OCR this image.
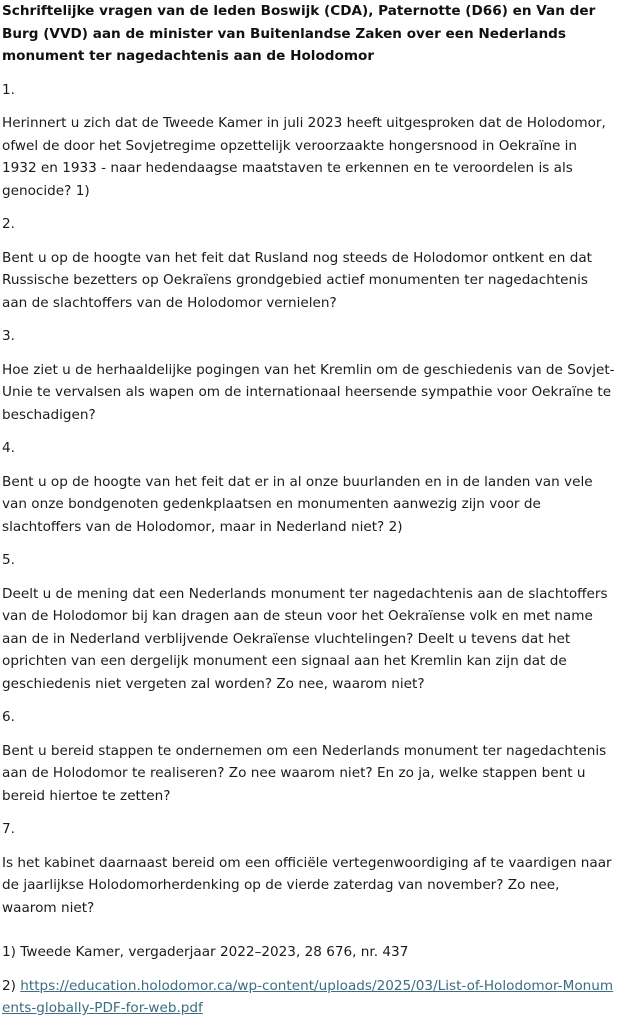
Schriftelijke vragen van de leden Boswijk (CDA), Paternotte (D66) en Van der Burg (VVD) aan de minister van Buitenlandse Zaken over een Nederlands monument ter nagedachtenis aan de Holodomor
1.
Herinnert u zich dat de Tweede Kamer in juli 2023 heeft uitgesproken dat de Holodomor, ofwel de door het Sovjetregime opzettelijk veroorzaakte hongersnood in Oekraïne in 1932 en 1933 - naar hedendaagse maatstaven te erkennen en te veroordelen is als genocide? 1)
2.
Bent u op de hoogte van het feit dat Rusland nog steeds de Holodomor ontkent en dat Russische bezetters op Oekraïens grondgebied actief monumenten ter nagedachtenis aan de slachtoffers van de Holodomor vernielen?
3.
Hoe ziet u de herhaaldelijke pogingen van het Kremlin om de geschiedenis van de Sovjet-Unie te vervalsen als wapen om de internationaal heersende sympathie voor Oekraïne te beschadigen?
4.
Bent u op de hoogte van het feit dat er in al onze buurlanden en in de landen van vele van onze bondgenoten gedenkplaatsen en monumenten aanwezig zijn voor de slachtoffers van de Holodomor, maar in Nederland niet? 2)
5.
Deelt u de mening dat een Nederlands monument ter nagedachtenis aan de slachtoffers van de Holodomor bij kan dragen aan de steun voor het Oekraïense volk en met name aan de in Nederland verblijvende Oekraïense vluchtelingen? Deelt u tevens dat het oprichten van een dergelijk monument een signaal aan het Kremlin kan zijn dat de geschiedenis niet vergeten zal worden? Zo nee, waarom niet?
6.
Bent u bereid stappen te ondernemen om een Nederlands monument ter nagedachtenis aan de Holodomor te realiseren? Zo nee waarom niet? En zo ja, welke stappen bent u bereid hiertoe te zetten?
7.
Is het kabinet daarnaast bereid om een officiële vertegenwoordiging af te vaardigen naar de jaarlijkse Holodomorherdenking op de vierde zaterdag van november? Zo nee, waarom niet?
1) Tweede Kamer, vergaderjaar 2022–2023, 28 676, nr. 437
2) https://education.holodomor.ca/wp-content/uploads/2025/03/List-of-Holodomor-Monuments-globally-PDF-for-web.pdf
